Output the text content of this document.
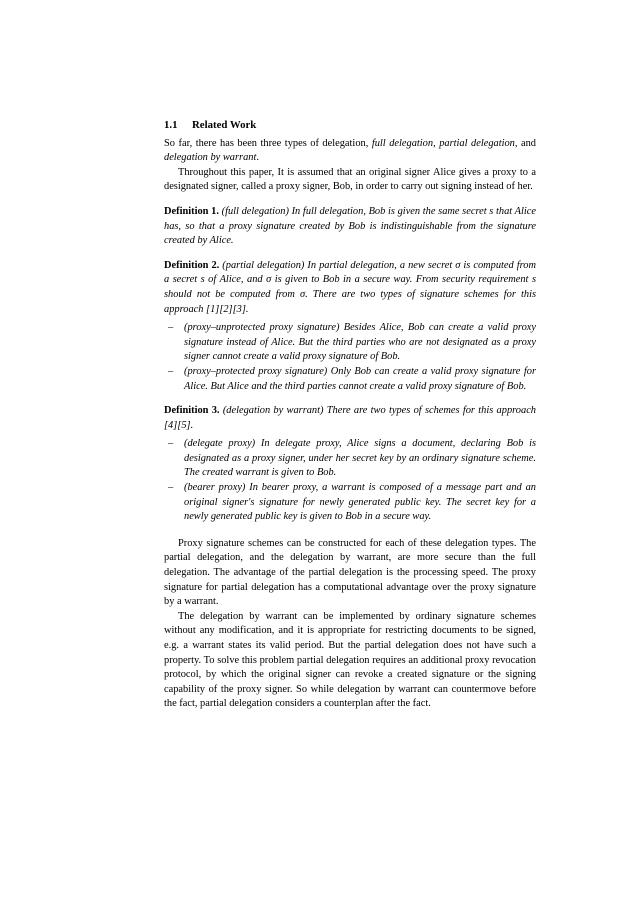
1.1 Related Work

So far, there has been three types of delegation, full delegation, partial delegation, and delegation by warrant.

Throughout this paper, It is assumed that an original signer Alice gives a proxy to a designated signer, called a proxy signer, Bob, in order to carry out signing instead of her.

Definition 1. (full delegation) In full delegation, Bob is given the same secret s that Alice has, so that a proxy signature created by Bob is indistinguishable from the signature created by Alice.
Definition 2. (partial delegation) In partial delegation, a new secret σ is computed from a secret s of Alice, and σ is given to Bob in a secure way. From security requirement s should not be computed from σ. There are two types of signature schemes for this approach [1][2][3].
– (proxy–unprotected proxy signature) Besides Alice, Bob can create a valid proxy signature instead of Alice. But the third parties who are not designated as a proxy signer cannot create a valid proxy signature of Bob.
– (proxy–protected proxy signature) Only Bob can create a valid proxy signature for Alice. But Alice and the third parties cannot create a valid proxy signature of Bob.
Definition 3. (delegation by warrant) There are two types of schemes for this approach [4][5].
– (delegate proxy) In delegate proxy, Alice signs a document, declaring Bob is designated as a proxy signer, under her secret key by an ordinary signature scheme. The created warrant is given to Bob.
– (bearer proxy) In bearer proxy, a warrant is composed of a message part and an original signer's signature for newly generated public key. The secret key for a newly generated public key is given to Bob in a secure way.

Proxy signature schemes can be constructed for each of these delegation types. The partial delegation, and the delegation by warrant, are more secure than the full delegation. The advantage of the partial delegation is the processing speed. The proxy signature for partial delegation has a computational advantage over the proxy signature by a warrant.

The delegation by warrant can be implemented by ordinary signature schemes without any modification, and it is appropriate for restricting documents to be signed, e.g. a warrant states its valid period. But the partial delegation does not have such a property. To solve this problem partial delegation requires an additional proxy revocation protocol, by which the original signer can revoke a created signature or the signing capability of the proxy signer. So while delegation by warrant can countermove before the fact, partial delegation considers a counterplan after the fact.
